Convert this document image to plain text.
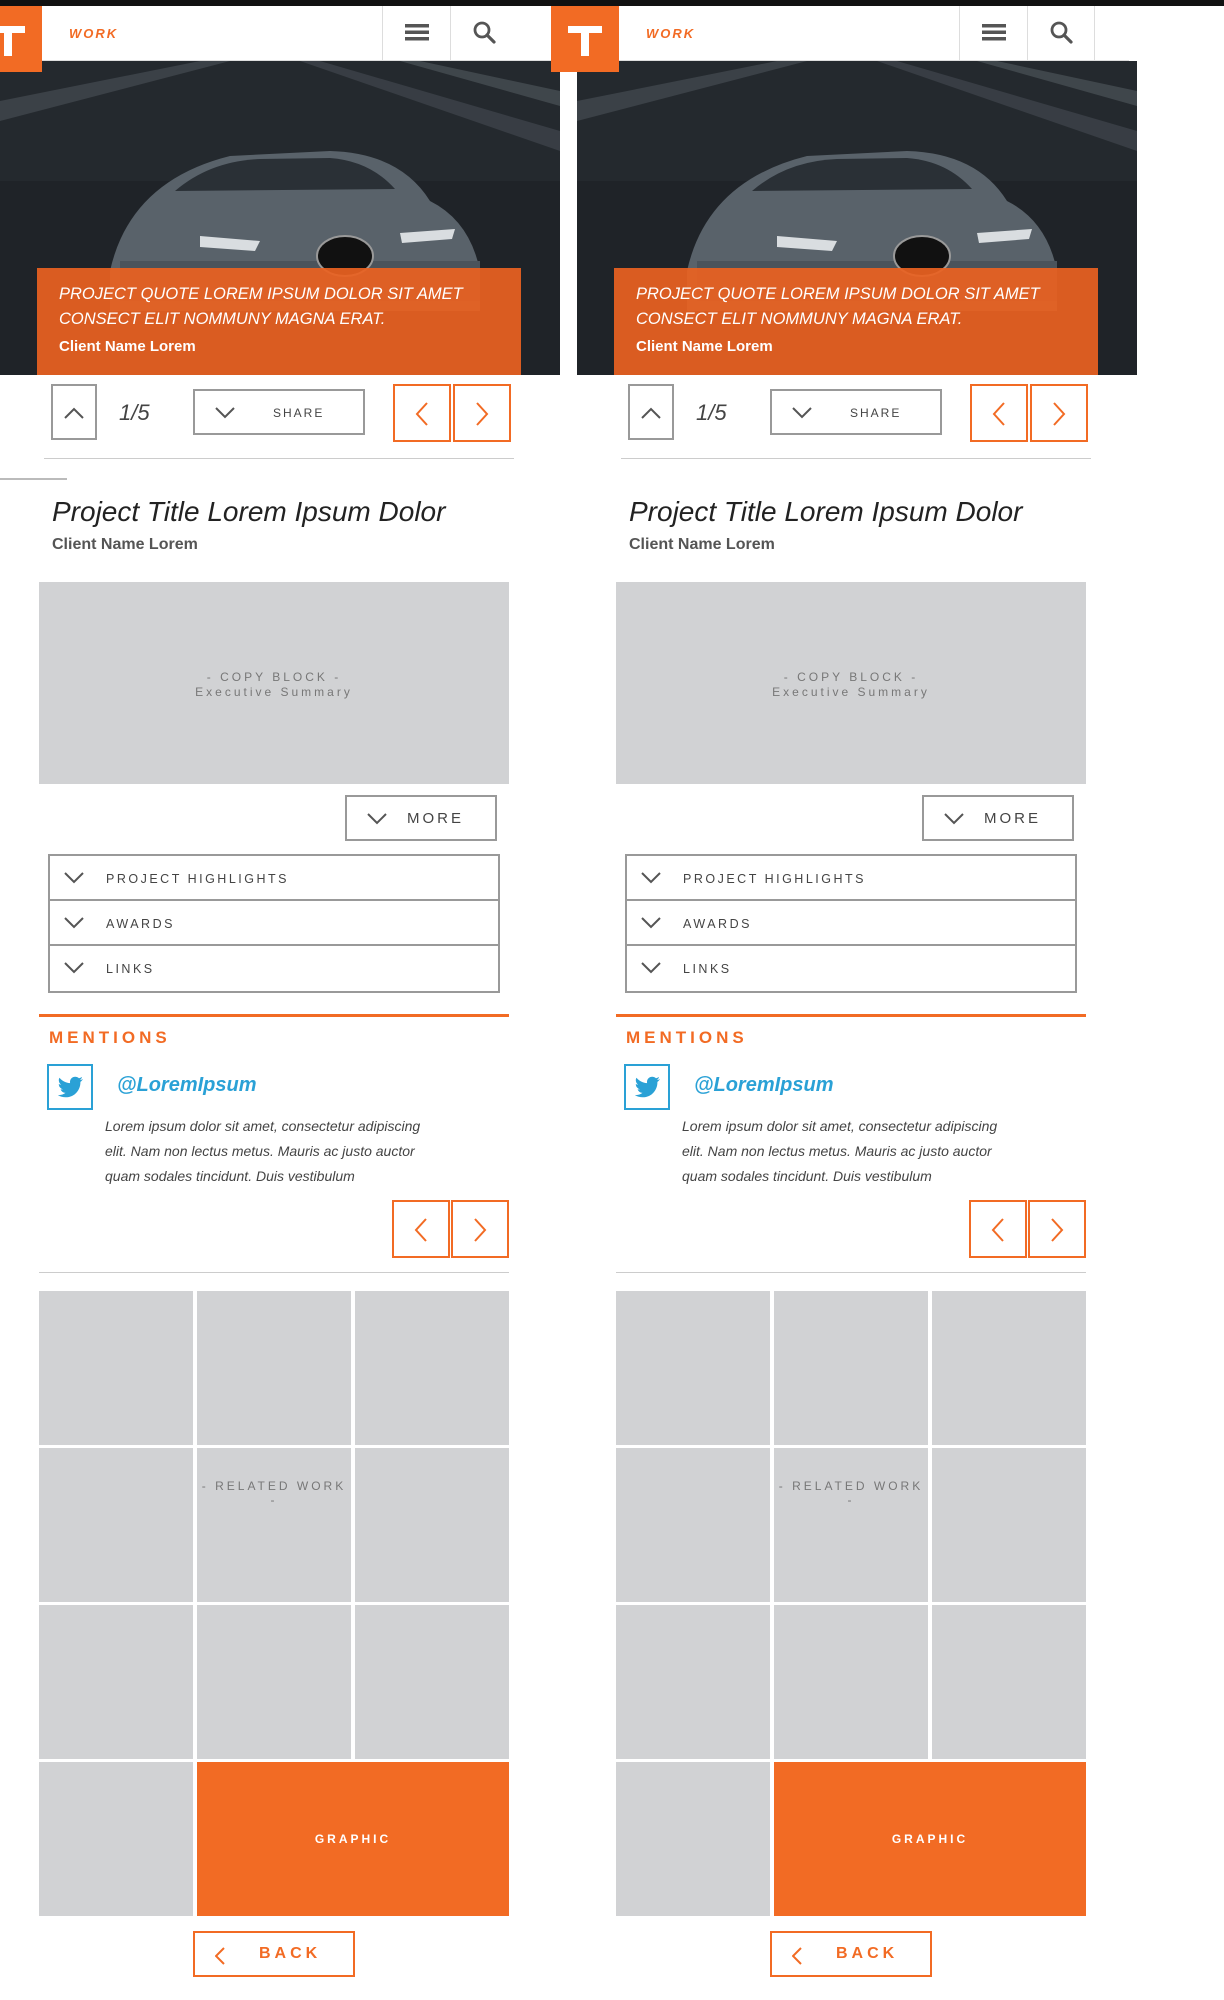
WORK
PROJECT QUOTE LOREM IPSUM DOLOR SIT AMET CONSECT ELIT NOMMUNY MAGNA ERAT.
Client Name Lorem
1/5	SHARE
Project Title Lorem Ipsum Dolor
Client Name Lorem
- COPY BLOCK -
Executive Summary
MORE
PROJECT HIGHLIGHTS
AWARDS
LINKS
MENTIONS
@LoremIpsum
Lorem ipsum dolor sit amet, consectetur adipiscing
elit. Nam non lectus metus. Mauris ac justo auctor
quam sodales tincidunt. Duis vestibulum
GRAPHIC
- RELATED WORK -
BACK
WORK
PROJECT QUOTE LOREM IPSUM DOLOR SIT AMET CONSECT ELIT NOMMUNY MAGNA ERAT.
Client Name Lorem
1/5	SHARE
Project Title Lorem Ipsum Dolor
Client Name Lorem
- COPY BLOCK -
Executive Summary
MORE
PROJECT HIGHLIGHTS
AWARDS
LINKS
MENTIONS
@LoremIpsum
Lorem ipsum dolor sit amet, consectetur adipiscing
elit. Nam non lectus metus. Mauris ac justo auctor
quam sodales tincidunt. Duis vestibulum
GRAPHIC
- RELATED WORK -
BACK
